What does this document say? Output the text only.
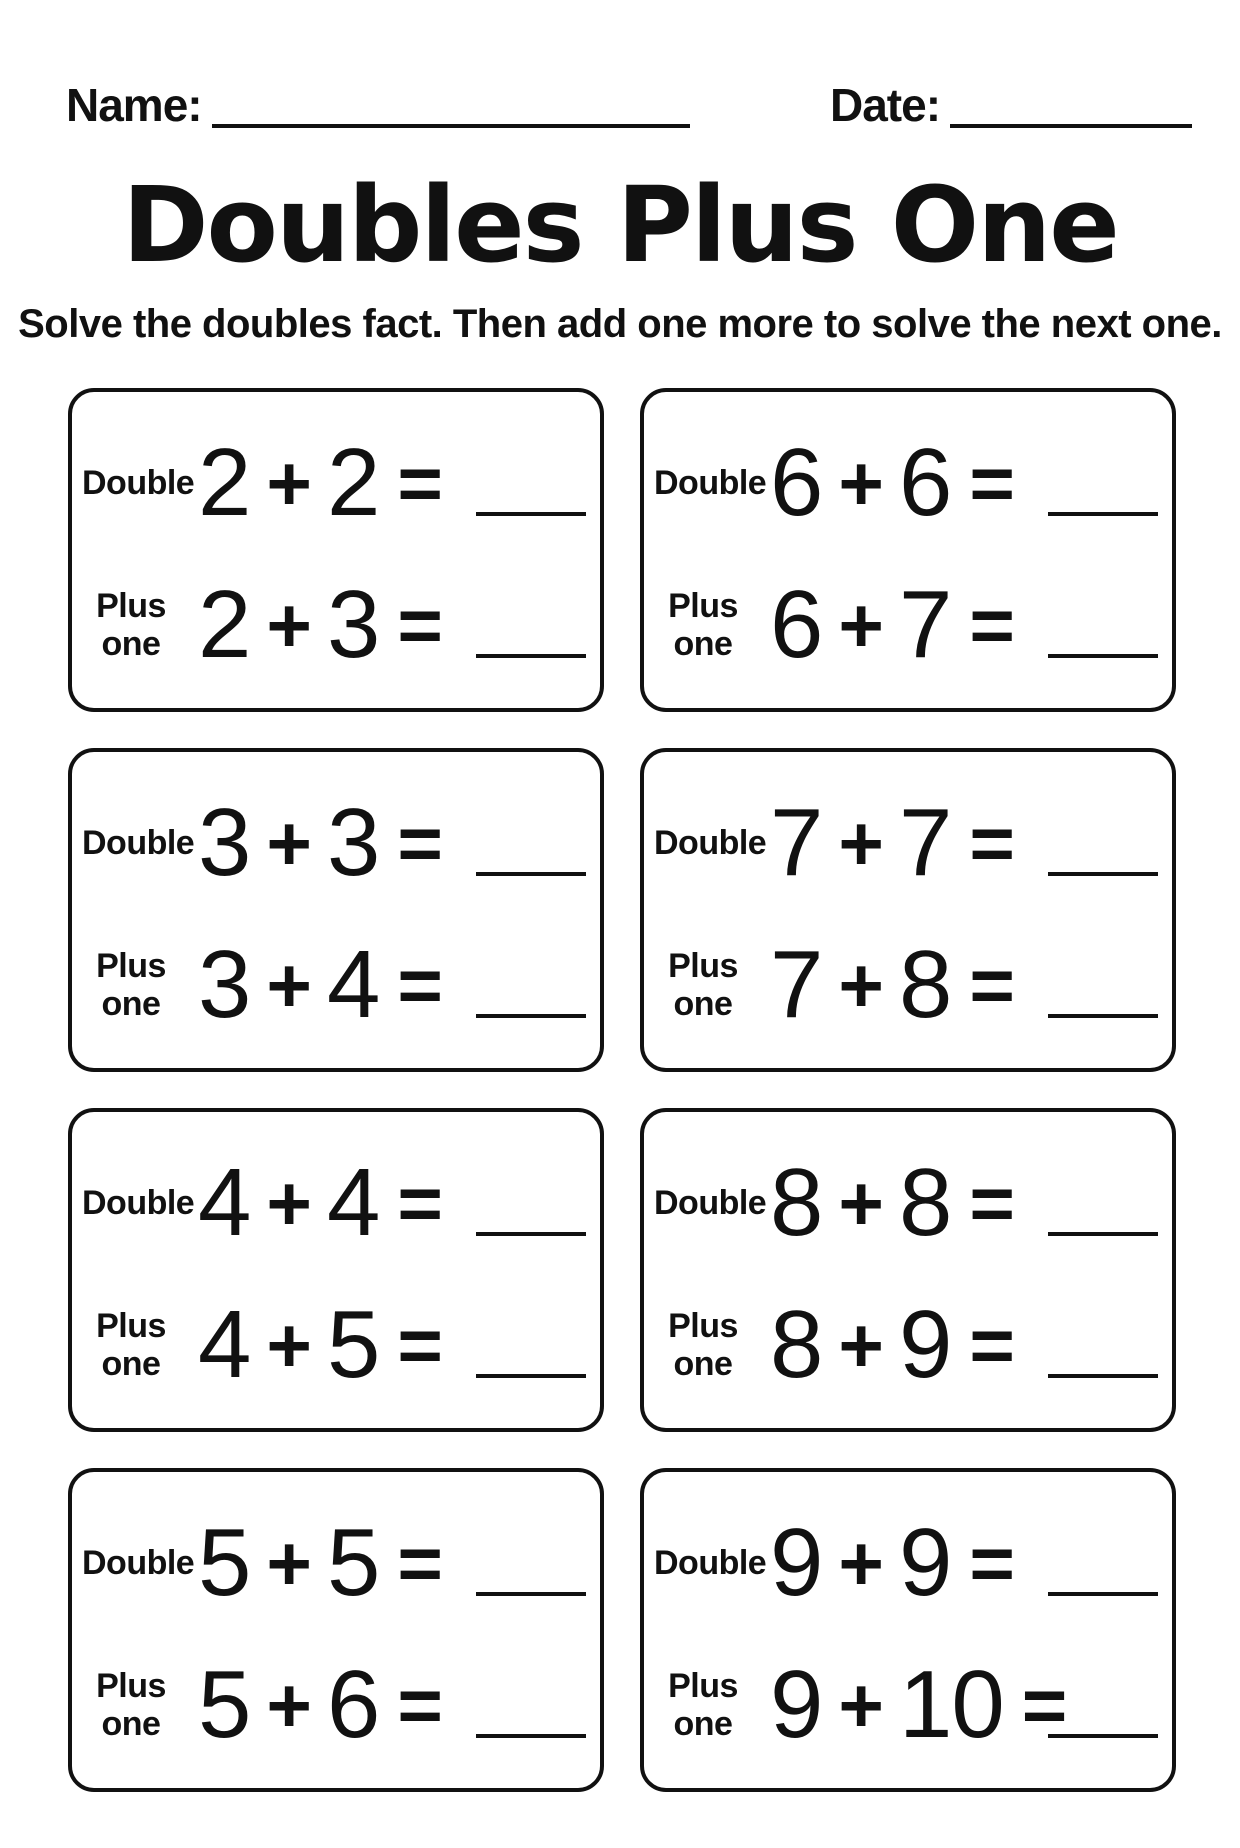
Name:	Date:
Doubles Plus One

Solve the doubles fact. Then add one more to solve the next one.

Double 2 + 2 =
Plus
one 2 + 3 =
Double 6 + 6 =
Plus
one 6 + 7 =
Double 3 + 3 =
Plus
one 3 + 4 =
Double 7 + 7 =
Plus
one 7 + 8 =
Double 4 + 4 =
Plus
one 4 + 5 =
Double 8 + 8 =
Plus
one 8 + 9 =
Double 5 + 5 =
Plus
one 5 + 6 =
Double 9 + 9 =
Plus
one 9 + 10 =
